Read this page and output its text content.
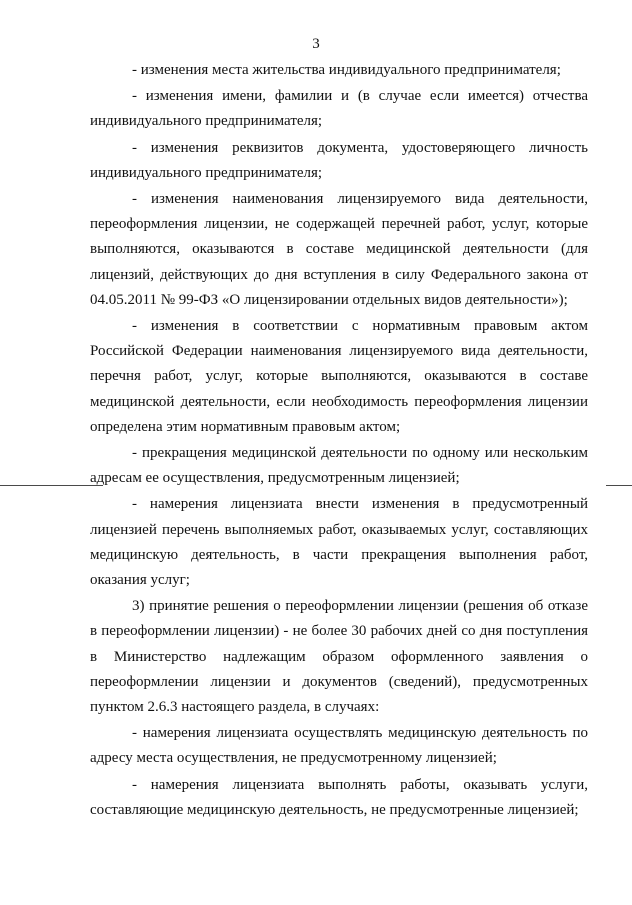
3

- изменения места жительства индивидуального предпринимателя;

- изменения имени, фамилии и (в случае если имеется) отчества индивидуального предпринимателя;

- изменения реквизитов документа, удостоверяющего личность индивидуального предпринимателя;

- изменения наименования лицензируемого вида деятельности, переоформления лицензии, не содержащей перечней работ, услуг, которые выполняются, оказываются в составе медицинской деятельности (для лицензий, действующих до дня вступления в силу Федерального закона от 04.05.2011 № 99-ФЗ «О лицензировании отдельных видов деятельности»);

- изменения в соответствии с нормативным правовым актом Российской Федерации наименования лицензируемого вида деятельности, перечня работ, услуг, которые выполняются, оказываются в составе медицинской деятельности, если необходимость переоформления лицензии определена этим нормативным правовым актом;

- прекращения медицинской деятельности по одному или нескольким адресам ее осуществления, предусмотренным лицензией;

- намерения лицензиата внести изменения в предусмотренный лицензией перечень выполняемых работ, оказываемых услуг, составляющих медицинскую деятельность, в части прекращения выполнения работ, оказания услуг;

3) принятие решения о переоформлении лицензии (решения об отказе в переоформлении лицензии) - не более 30 рабочих дней со дня поступления в Министерство надлежащим образом оформленного заявления о переоформлении лицензии и документов (сведений), предусмотренных пунктом 2.6.3 настоящего раздела, в случаях:

- намерения лицензиата осуществлять медицинскую деятельность по адресу места осуществления, не предусмотренному лицензией;

- намерения лицензиата выполнять работы, оказывать услуги, составляющие медицинскую деятельность, не предусмотренные лицензией;
